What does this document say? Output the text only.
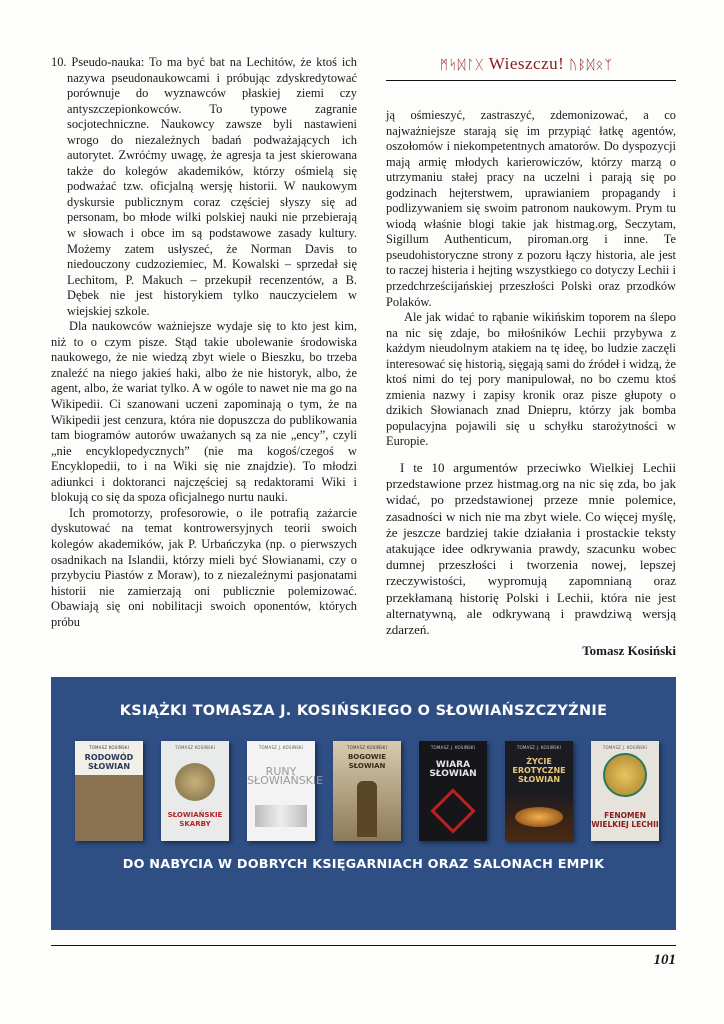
ᛗᛋᛞᛚᚷ Wieszczu! ᚢᛒᛞᛟᛉ

10. Pseudo-nauka: To ma być bat na Lechitów, że ktoś ich nazywa pseudonaukowcami i próbując zdyskredytować porównuje do wyznawców płaskiej ziemi czy antyszczepionkowców. To typowe zagranie socjotechniczne. Naukowcy zawsze byli nastawieni wrogo do niezależnych badań podważających ich autorytet. Zwróćmy uwagę, że agresja ta jest skierowana także do kolegów akademików, którzy ośmielą się podważać tzw. oficjalną wersję historii. W naukowym dyskursie publicznym coraz częściej słyszy się ad personam, bo młode wilki polskiej nauki nie przebierają w słowach i obce im są podstawowe zasady kultury. Możemy zatem usłyszeć, że Norman Davis to niedouczony cudzoziemiec, M. Kowalski – sprzedał się Lechitom, P. Makuch – przekupił recenzentów, a B. Dębek nie jest historykiem tylko nauczycielem w wiejskiej szkole.

Dla naukowców ważniejsze wydaje się to kto jest kim, niż to o czym pisze. Stąd takie ubolewanie środowiska naukowego, że nie wiedzą zbyt wiele o Bieszku, bo trzeba znaleźć na niego jakieś haki, albo że nie historyk, albo, że agent, albo, że wariat tylko. A w ogóle to nawet nie ma go na Wikipedii. Ci szanowani uczeni zapominają o tym, że na Wikipedii jest cenzura, która nie dopuszcza do publikowania tam biogramów autorów uważanych są za nie „ency”, czyli „nie encyklopedycznych” (nie ma kogoś/czegoś w Encyklopedii, to i na Wiki się nie znajdzie). To młodzi adiunkci i doktoranci najczęściej są redaktorami Wiki i blokują co się da spoza oficjalnego nurtu nauki.

Ich promotorzy, profesorowie, o ile potrafią zażarcie dyskutować na temat kontrowersyjnych teorii swoich kolegów akademików, jak P. Urbańczyka (np. o pierwszych osadnikach na Islandii, którzy mieli być Słowianami, czy o przybyciu Piastów z Moraw), to z niezależnymi pasjonatami historii nie zamierzają oni publicznie polemizować. Obawiają się oni nobilitacji swoich oponentów, których próbu

ją ośmieszyć, zastraszyć, zdemonizować, a co najważniejsze starają się im przypiąć łatkę agentów, oszołomów i niekompetentnych amatorów. Do dyspozycji mają armię młodych karierowiczów, którzy marzą o utrzymaniu stałej pracy na uczelni i parają się po godzinach hejterstwem, uprawianiem propagandy i podlizywaniem się swoim patronom naukowym. Prym tu wiodą właśnie blogi takie jak histmag.org, Seczytam, Sigillum Authenticum, piroman.org i inne. Te pseudohistoryczne strony z pozoru łączy historia, ale jest to raczej histeria i hejting wszystkiego co dotyczy Lechii i przedchrześcijańskiej przeszłości Polski oraz przodków Polaków.

Ale jak widać to rąbanie wikińskim toporem na ślepo na nic się zdaje, bo miłośników Lechii przybywa z każdym nieudolnym atakiem na tę ideę, bo ludzie zaczęli interesować się historią, sięgają sami do źródeł i widzą, że ktoś nimi do tej pory manipulował, no bo czemu ktoś zmienia nazwy i zapisy kronik oraz pisze głupoty o dzikich Słowianach znad Dniepru, którzy jak bomba populacyjna pojawili się u schyłku starożytności w Europie.

I te 10 argumentów przeciwko Wielkiej Lechii przedstawione przez histmag.org na nic się zda, bo jak widać, po przedstawionej przeze mnie polemice, zasadności w nich nie ma zbyt wiele. Co więcej myślę, że jeszcze bardziej takie działania i prostackie teksty atakujące idee odkrywania prawdy, szacunku wobec dumnej przeszłości i tworzenia nowej, lepszej rzeczywistości, wypromują zapomnianą oraz przekłamaną historię Polski i Lechii, która nie jest alternatywną, ale odkrywaną i prawdziwą wersją zdarzeń.

Tomasz Kosiński
KSIĄŻKI TOMASZA J. KOSIŃSKIEGO O SŁOWIAŃSZCZYŹNIE
TOMASZ KOSIŃSKI
RODOWÓD SŁOWIAN
TOMASZ KOSIŃSKI
SŁOWIAŃSKIE SKARBY
TOMASZ J. KOSIŃSKI
RUNY SŁOWIAŃSKIE
TOMASZ KOSIŃSKI
BOGOWIE SŁOWIAN
TOMASZ J. KOSIŃSKI
WIARA SŁOWIAN
TOMASZ J. KOSIŃSKI
ŻYCIE EROTYCZNE SŁOWIAN
TOMASZ J. KOSIŃSKI
FENOMEN WIELKIEJ LECHII
DO NABYCIA W DOBRYCH KSIĘGARNIACH ORAZ SALONACH EMPIK
101
